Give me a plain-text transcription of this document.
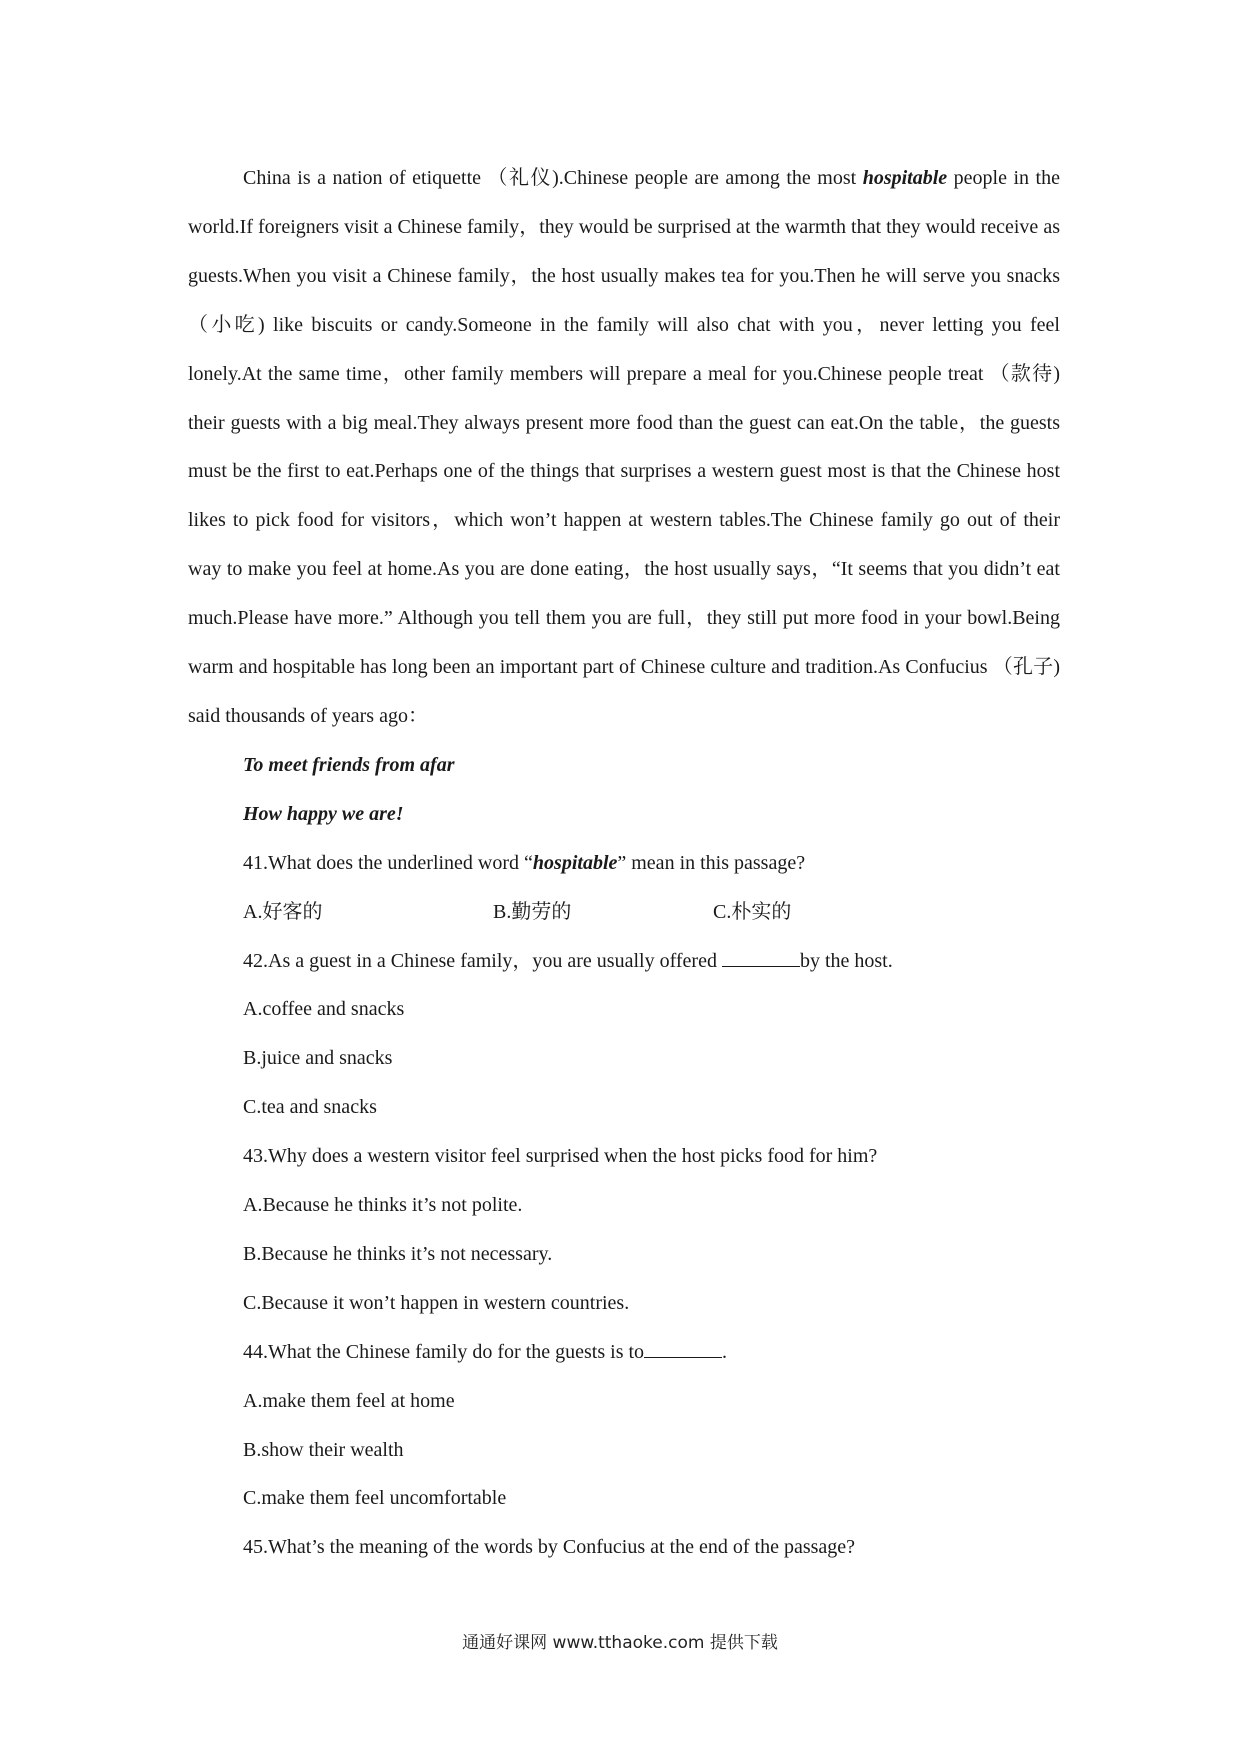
China is a nation of etiquette （礼仪).Chinese people are among the most hospitable people in the world.If foreigners visit a Chinese family，they would be surprised at the warmth that they would receive as guests.When you visit a Chinese family，the host usually makes tea for you.Then he will serve you snacks （小吃) like biscuits or candy.Someone in the family will also chat with you，never letting you feel lonely.At the same time，other family members will prepare a meal for you.Chinese people treat （款待) their guests with a big meal.They always present more food than the guest can eat.On the table，the guests must be the first to eat.Perhaps one of the things that surprises a western guest most is that the Chinese host likes to pick food for visitors，which won’t happen at western tables.The Chinese family go out of their way to make you feel at home.As you are done eating，the host usually says，“It seems that you didn’t eat much.Please have more.” Although you tell them you are full，they still put more food in your bowl.Being warm and hospitable has long been an important part of Chinese culture and tradition.As Confucius （孔子) said thousands of years ago：

To meet friends from afar
How happy we are!
41.What does the underlined word “hospitable” mean in this passage?
A.好客的	B.勤劳的	C.朴实的
42.As a guest in a Chinese family，you are usually offered	by the host.
A.coffee and snacks
B.juice and snacks
C.tea and snacks
43.Why does a western visitor feel surprised when the host picks food for him?
A.Because he thinks it’s not polite.
B.Because he thinks it’s not necessary.
C.Because it won’t happen in western countries.
44.What the Chinese family do for the guests is to	.
A.make them feel at home
B.show their wealth
C.make them feel uncomfortable
45.What’s the meaning of the words by Confucius at the end of the passage?
通通好课网 www.tthaoke.com 提供下载
